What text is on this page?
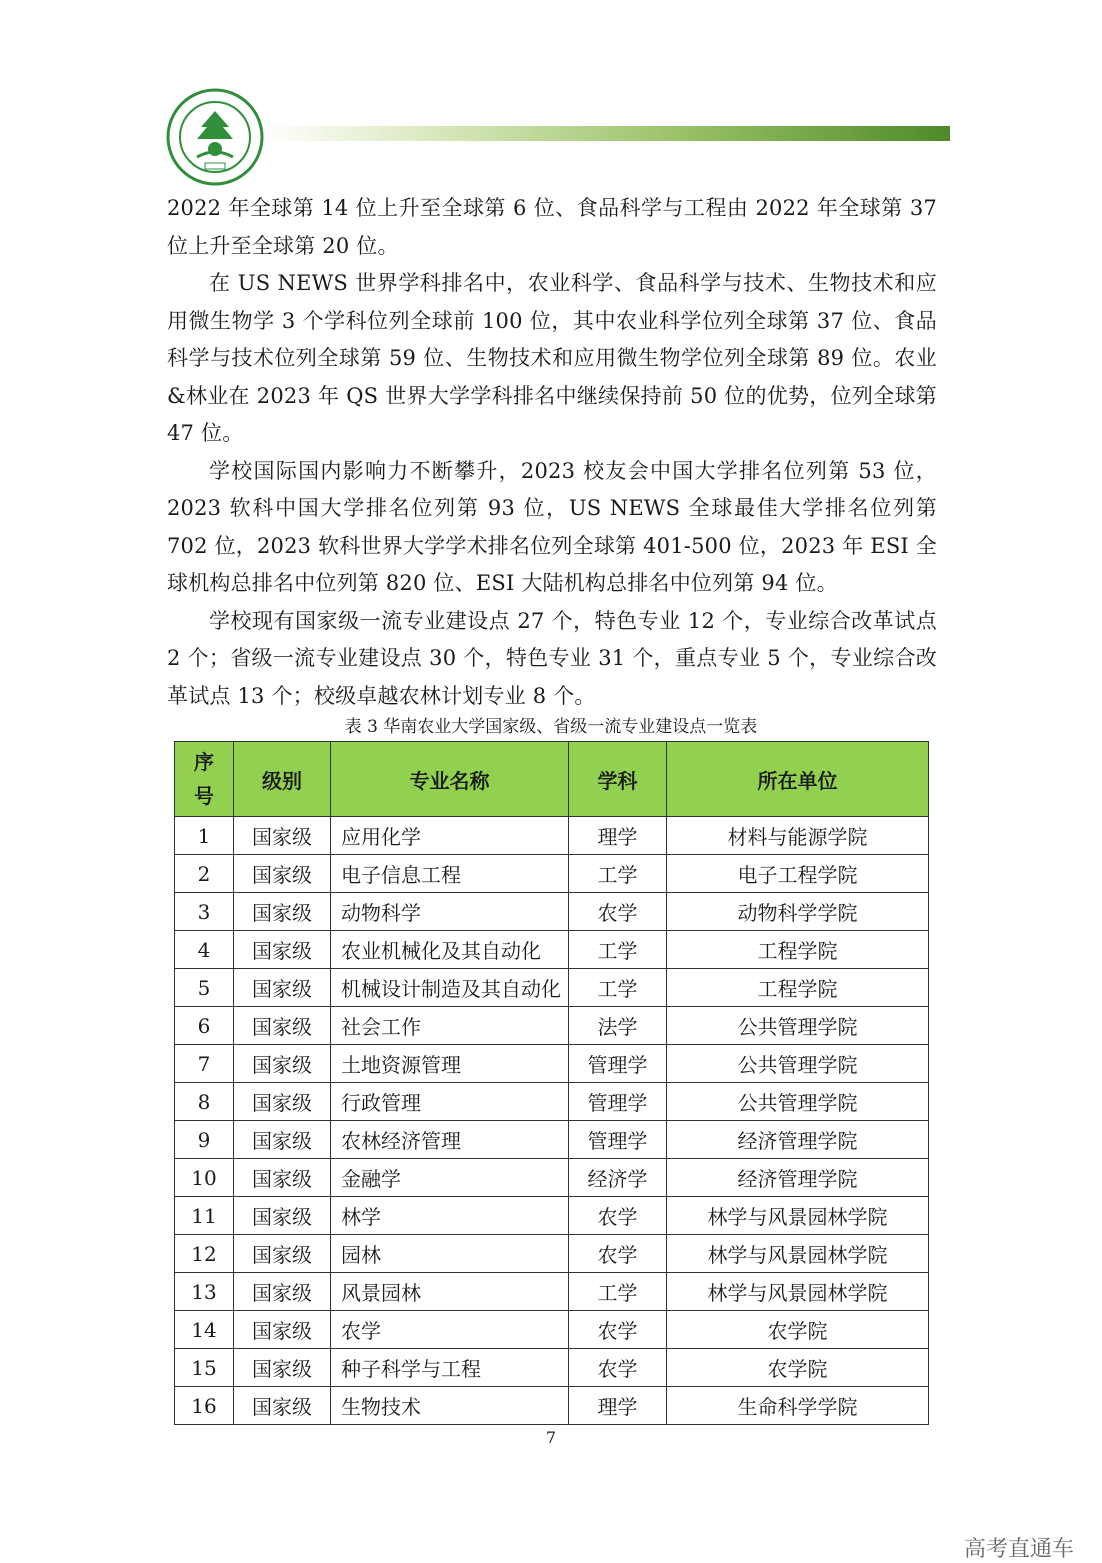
2022 年全球第 14 位上升至全球第 6 位、食品科学与工程由 2022 年全球第 37 位上升至全球第 20 位。

在 US NEWS 世界学科排名中，农业科学、食品科学与技术、生物技术和应用微生物学 3 个学科位列全球前 100 位，其中农业科学位列全球第 37 位、食品科学与技术位列全球第 59 位、生物技术和应用微生物学位列全球第 89 位。农业&林业在 2023 年 QS 世界大学学科排名中继续保持前 50 位的优势，位列全球第 47 位。

学校国际国内影响力不断攀升，2023 校友会中国大学排名位列第 53 位，2023 软科中国大学排名位列第 93 位，US NEWS 全球最佳大学排名位列第 702 位，2023 软科世界大学学术排名位列全球第 401-500 位，2023 年 ESI 全球机构总排名中位列第 820 位、ESI 大陆机构总排名中位列第 94 位。

学校现有国家级一流专业建设点 27 个，特色专业 12 个，专业综合改革试点 2 个；省级一流专业建设点 30 个，特色专业 31 个，重点专业 5 个，专业综合改革试点 13 个；校级卓越农林计划专业 8 个。

表 3 华南农业大学国家级、省级一流专业建设点一览表
序
号	级别	专业名称	学科	所在单位
1	国家级	应用化学	理学	材料与能源学院
2	国家级	电子信息工程	工学	电子工程学院
3	国家级	动物科学	农学	动物科学学院
4	国家级	农业机械化及其自动化	工学	工程学院
5	国家级	机械设计制造及其自动化	工学	工程学院
6	国家级	社会工作	法学	公共管理学院
7	国家级	土地资源管理	管理学	公共管理学院
8	国家级	行政管理	管理学	公共管理学院
9	国家级	农林经济管理	管理学	经济管理学院
10	国家级	金融学	经济学	经济管理学院
11	国家级	林学	农学	林学与风景园林学院
12	国家级	园林	农学	林学与风景园林学院
13	国家级	风景园林	工学	林学与风景园林学院
14	国家级	农学	农学	农学院
15	国家级	种子科学与工程	农学	农学院
16	国家级	生物技术	理学	生命科学学院
7
高考直通车
